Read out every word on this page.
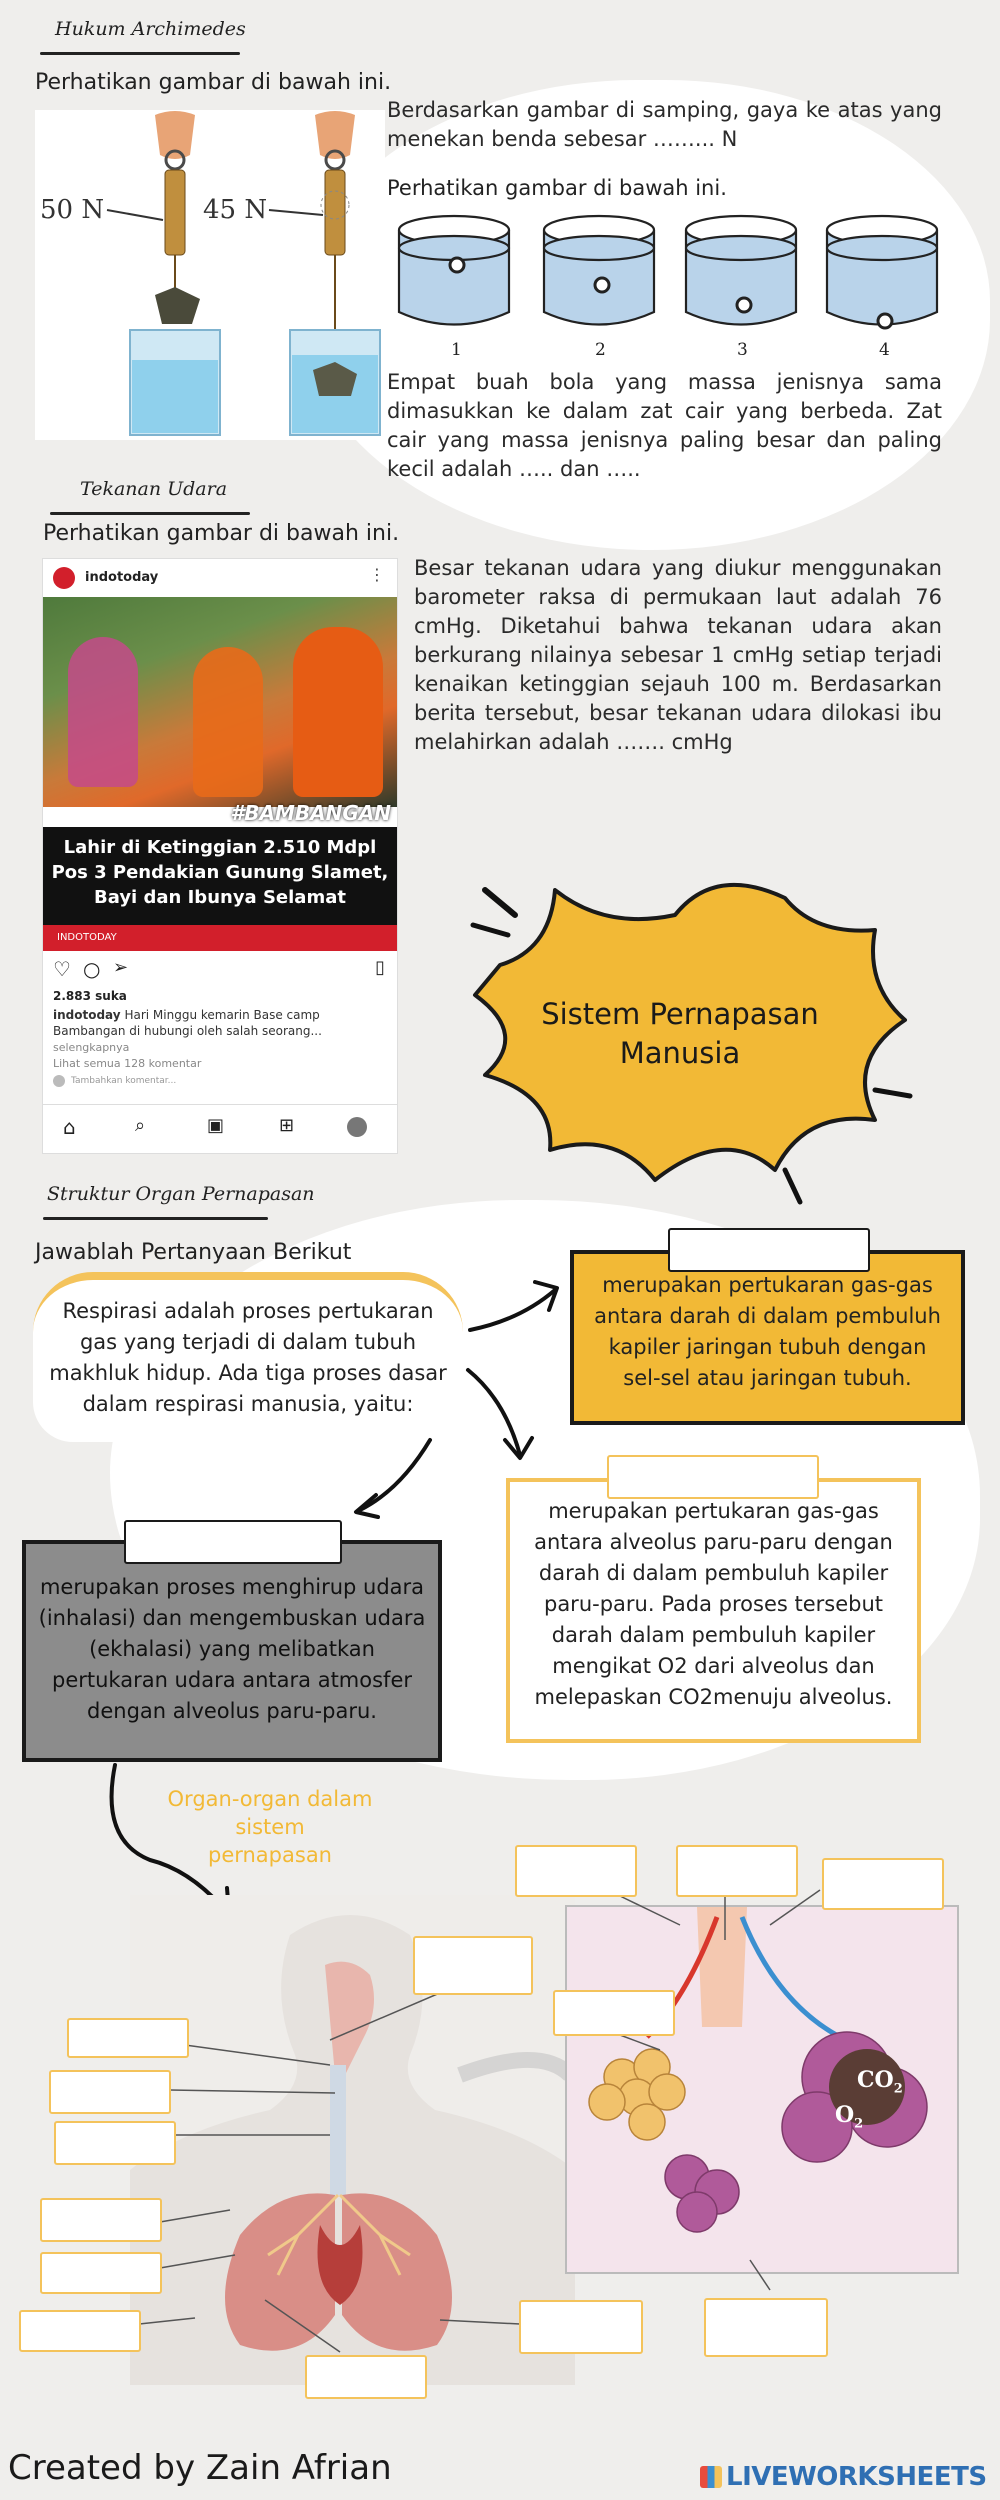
Hukum Archimedes
Perhatikan gambar di bawah ini.
50 N	45 N
Berdasarkan gambar di samping, gaya ke atas yang menekan benda sebesar ……... N
Perhatikan gambar di bawah ini.
1	2	3	4
Empat buah bola yang massa jenisnya sama dimasukkan ke dalam zat cair yang berbeda. Zat cair yang massa jenisnya paling besar dan paling kecil adalah ….. dan …..
Tekanan Udara
Perhatikan gambar di bawah ini.
indotoday	⋮
#BAMBANGAN
Lahir di Ketinggian 2.510 Mdpl
Pos 3 Pendakian Gunung Slamet,
Bayi dan Ibunya Selamat
INDOTODAY
♡ ○ ➢	▯
2.883 suka
indotoday Hari Minggu kemarin Base camp Bambangan di hubungi oleh salah seorang...
selengkapnya
Lihat semua 128 komentar
Tambahkan komentar...
⌂	⌕	▣	⊞
Besar tekanan udara yang diukur menggunakan barometer raksa di permukaan laut adalah 76 cmHg. Diketahui bahwa tekanan udara akan berkurang nilainya sebesar 1 cmHg setiap terjadi kenaikan ketinggian sejauh 100 m. Berdasarkan berita tersebut, besar tekanan udara dilokasi ibu melahirkan adalah ……. cmHg
Sistem Pernapasan
Manusia
Struktur Organ Pernapasan
Jawablah Pertanyaan Berikut
Respirasi adalah proses pertukaran gas yang terjadi di dalam tubuh makhluk hidup. Ada tiga proses dasar dalam respirasi manusia, yaitu:
merupakan pertukaran gas-gas antara darah di dalam pembuluh kapiler jaringan tubuh dengan sel-sel atau jaringan tubuh.
merupakan pertukaran gas-gas antara alveolus paru-paru dengan darah di dalam pembuluh kapiler paru-paru. Pada proses tersebut darah dalam pembuluh kapiler mengikat O2 dari alveolus dan melepaskan CO2menuju alveolus.
merupakan proses menghirup udara (inhalasi) dan mengembuskan udara (ekhalasi) yang melibatkan pertukaran udara antara atmosfer dengan alveolus paru-paru.
Organ-organ dalam sistem
pernapasan
$CO_2$
$O_2$
Created by Zain Afrian	LIVEWORKSHEETS
